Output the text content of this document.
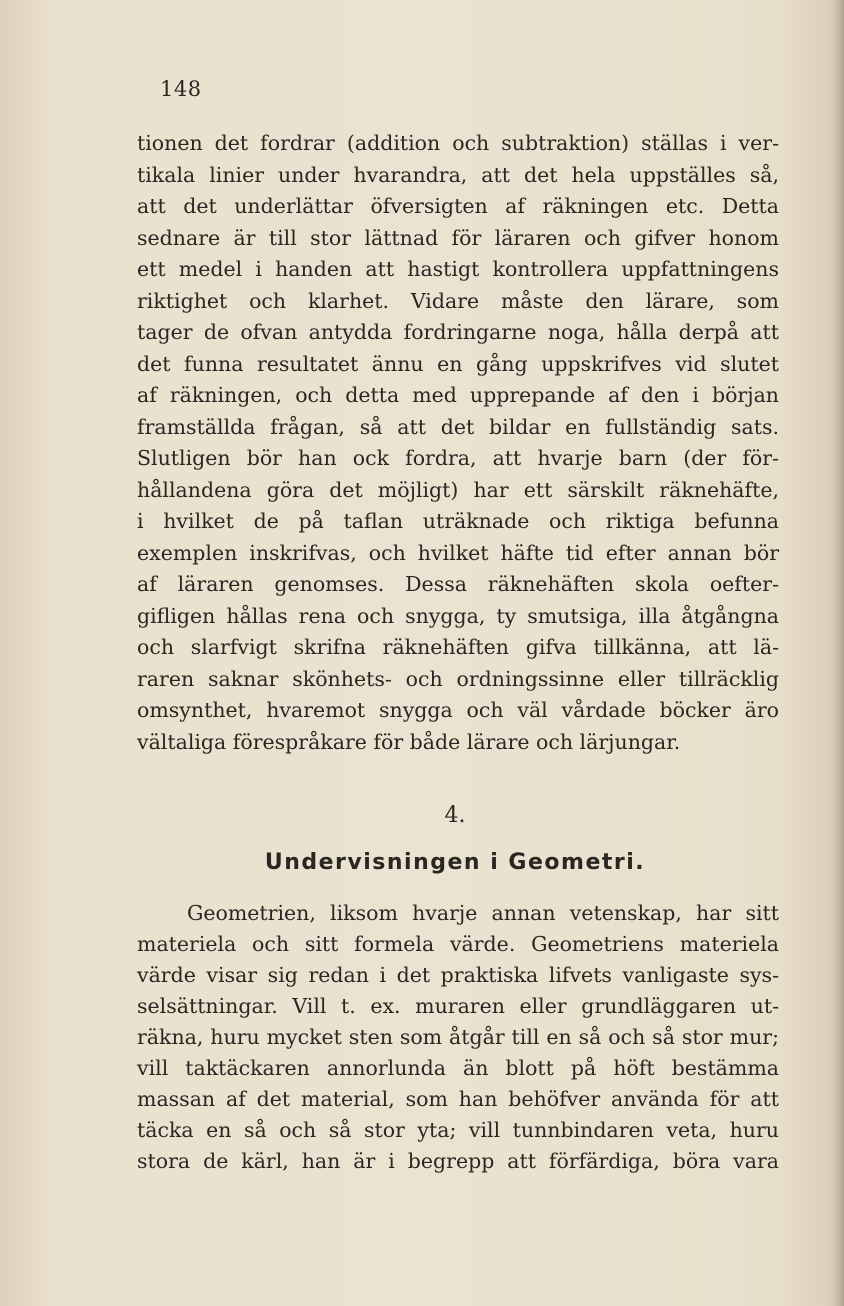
148
tionen det fordrar (addition och subtraktion) ställas i ver-
tikala linier under hvarandra, att det hela uppställes så,
att det underlättar öfversigten af räkningen etc. Detta
sednare är till stor lättnad för läraren och gifver honom
ett medel i handen att hastigt kontrollera uppfattningens
riktighet och klarhet. Vidare måste den lärare, som
tager de ofvan antydda fordringarne noga, hålla derpå att
det funna resultatet ännu en gång uppskrifves vid slutet
af räkningen, och detta med upprepande af den i början
framställda frågan, så att det bildar en fullständig sats.
Slutligen bör han ock fordra, att hvarje barn (der för-
hållandena göra det möjligt) har ett särskilt räknehäfte,
i hvilket de på taflan uträknade och riktiga befunna
exemplen inskrifvas, och hvilket häfte tid efter annan bör
af läraren genomses. Dessa räknehäften skola oefter-
gifligen hållas rena och snygga, ty smutsiga, illa åtgångna
och slarfvigt skrifna räknehäften gifva tillkänna, att lä-
raren saknar skönhets- och ordningssinne eller tillräcklig
omsynthet, hvaremot snygga och väl vårdade böcker äro
vältaliga förespråkare för både lärare och lärjungar.
4.
Undervisningen i Geometri.
Geometrien, liksom hvarje annan vetenskap, har sitt
materiela och sitt formela värde. Geometriens materiela
värde visar sig redan i det praktiska lifvets vanligaste sys-
selsättningar. Vill t. ex. muraren eller grundläggaren ut-
räkna, huru mycket sten som åtgår till en så och så stor mur;
vill taktäckaren annorlunda än blott på höft bestämma
massan af det material, som han behöfver använda för att
täcka en så och så stor yta; vill tunnbindaren veta, huru
stora de kärl, han är i begrepp att förfärdiga, böra vara
